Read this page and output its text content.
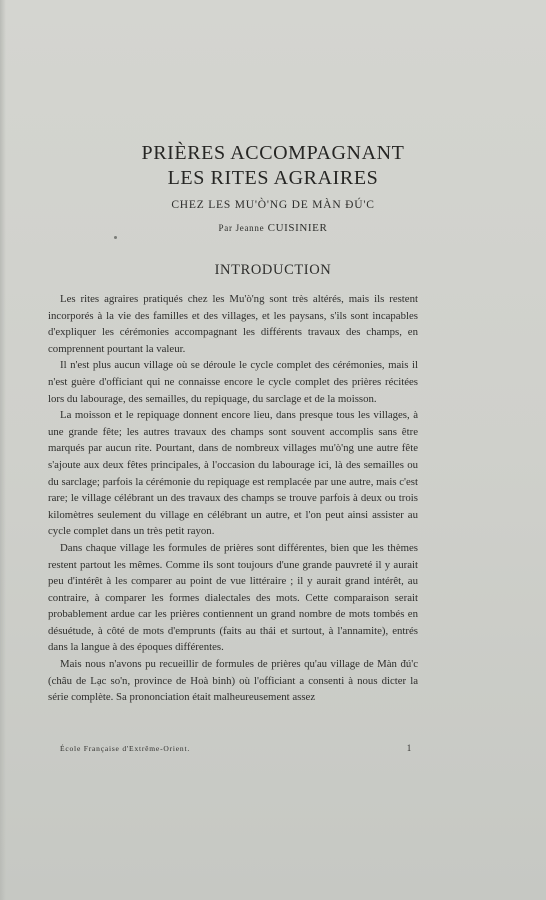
PRIÈRES ACCOMPAGNANT
LES RITES AGRAIRES
CHEZ LES MU'Ò'NG DE MÀN ĐÚ'C
Par Jeanne CUISINIER
INTRODUCTION

Les rites agraires pratiqués chez les Mu'ò'ng sont très altérés, mais ils restent incorporés à la vie des familles et des villages, et les paysans, s'ils sont incapables d'expliquer les cérémonies accompagnant les différents travaux des champs, en comprennent pourtant la valeur.

Il n'est plus aucun village où se déroule le cycle complet des cérémonies, mais il n'est guère d'officiant qui ne connaisse encore le cycle complet des prières récitées lors du labourage, des semailles, du repiquage, du sarclage et de la moisson.

La moisson et le repiquage donnent encore lieu, dans presque tous les villages, à une grande fête; les autres travaux des champs sont souvent accomplis sans être marqués par aucun rite. Pourtant, dans de nombreux villages mu'ò'ng une autre fête s'ajoute aux deux fêtes principales, à l'occasion du labourage ici, là des semailles ou du sarclage; parfois la cérémonie du repiquage est remplacée par une autre, mais c'est rare; le village célébrant un des travaux des champs se trouve parfois à deux ou trois kilomètres seulement du village en célébrant un autre, et l'on peut ainsi assister au cycle complet dans un très petit rayon.

Dans chaque village les formules de prières sont différentes, bien que les thèmes restent partout les mêmes. Comme ils sont toujours d'une grande pauvreté il y aurait peu d'intérêt à les comparer au point de vue littéraire ; il y aurait grand intérêt, au contraire, à comparer les formes dialectales des mots. Cette comparaison serait probablement ardue car les prières contiennent un grand nombre de mots tombés en désuétude, à côté de mots d'emprunts (faits au thái et surtout, à l'annamite), entrés dans la langue à des époques différentes.

Mais nous n'avons pu recueillir de formules de prières qu'au village de Màn đú'c (châu de Lạc so'n, province de Hoà binh) où l'officiant a consenti à nous dicter la série complète. Sa prononciation était malheureusement assez

École Française d'Extrême-Orient.	1
